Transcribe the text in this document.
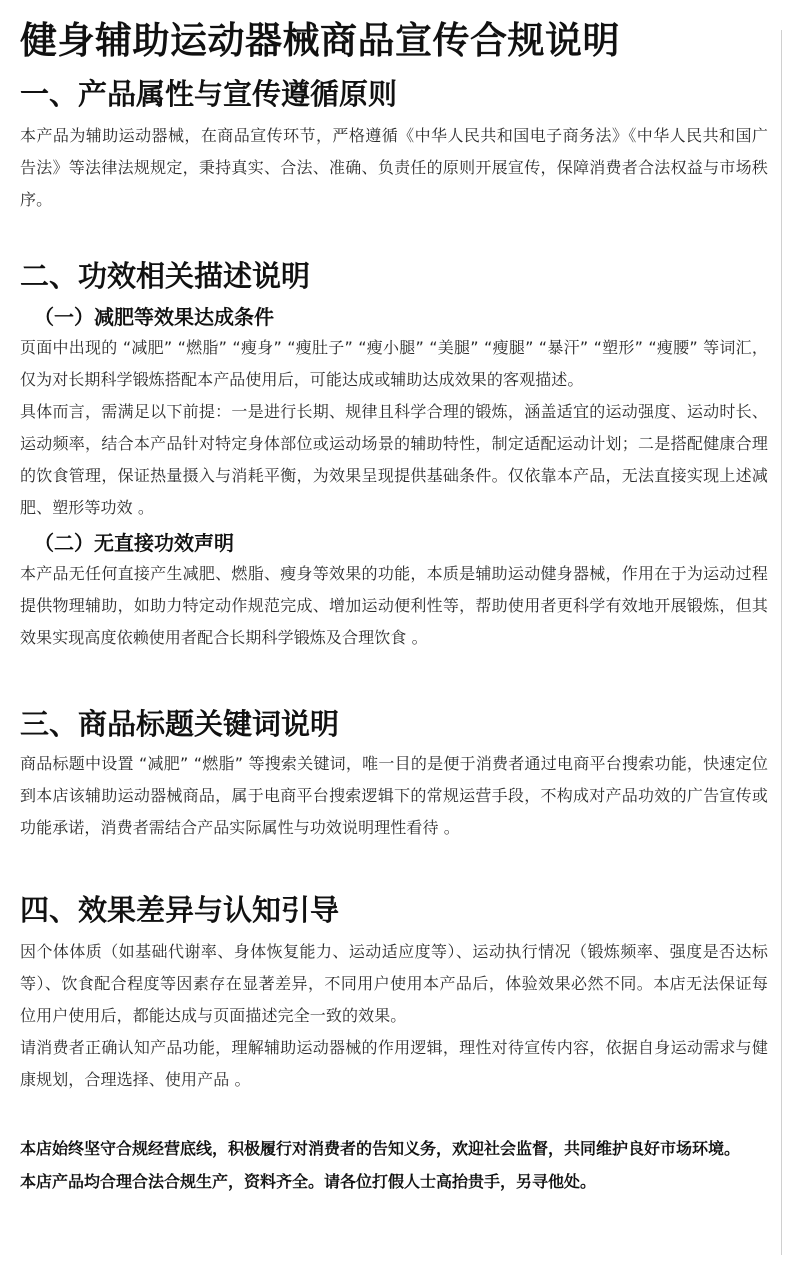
健身辅助运动器械商品宣传合规说明
一、产品属性与宣传遵循原则

本产品为辅助运动器械，在商品宣传环节，严格遵循《中华人民共和国电子商务法》《中华人民共和国广告法》等法律法规规定，秉持真实、合法、准确、负责任的原则开展宣传，保障消费者合法权益与市场秩序。

二、功效相关描述说明
（一）减肥等效果达成条件

页面中出现的 “减肥” “燃脂” “瘦身” “瘦肚子” “瘦小腿” “美腿” “瘦腿” “暴汗” “塑形” “瘦腰” 等词汇，仅为对长期科学锻炼搭配本产品使用后，可能达成或辅助达成效果的客观描述。

具体而言，需满足以下前提：一是进行长期、规律且科学合理的锻炼，涵盖适宜的运动强度、运动时长、运动频率，结合本产品针对特定身体部位或运动场景的辅助特性，制定适配运动计划；二是搭配健康合理的饮食管理，保证热量摄入与消耗平衡，为效果呈现提供基础条件。仅依靠本产品，无法直接实现上述减肥、塑形等功效 。

（二）无直接功效声明

本产品无任何直接产生减肥、燃脂、瘦身等效果的功能，本质是辅助运动健身器械，作用在于为运动过程提供物理辅助，如助力特定动作规范完成、增加运动便利性等，帮助使用者更科学有效地开展锻炼，但其效果实现高度依赖使用者配合长期科学锻炼及合理饮食 。

三、商品标题关键词说明

商品标题中设置 “减肥” “燃脂” 等搜索关键词，唯一目的是便于消费者通过电商平台搜索功能，快速定位到本店该辅助运动器械商品，属于电商平台搜索逻辑下的常规运营手段，不构成对产品功效的广告宣传或功能承诺，消费者需结合产品实际属性与功效说明理性看待 。

四、效果差异与认知引导

因个体体质（如基础代谢率、身体恢复能力、运动适应度等）、运动执行情况（锻炼频率、强度是否达标等）、饮食配合程度等因素存在显著差异，不同用户使用本产品后，体验效果必然不同。本店无法保证每位用户使用后，都能达成与页面描述完全一致的效果。

请消费者正确认知产品功能，理解辅助运动器械的作用逻辑，理性对待宣传内容，依据自身运动需求与健康规划，合理选择、使用产品 。

本店始终坚守合规经营底线，积极履行对消费者的告知义务，欢迎社会监督，共同维护良好市场环境。本店产品均合理合法合规生产，资料齐全。请各位打假人士高抬贵手，另寻他处。
